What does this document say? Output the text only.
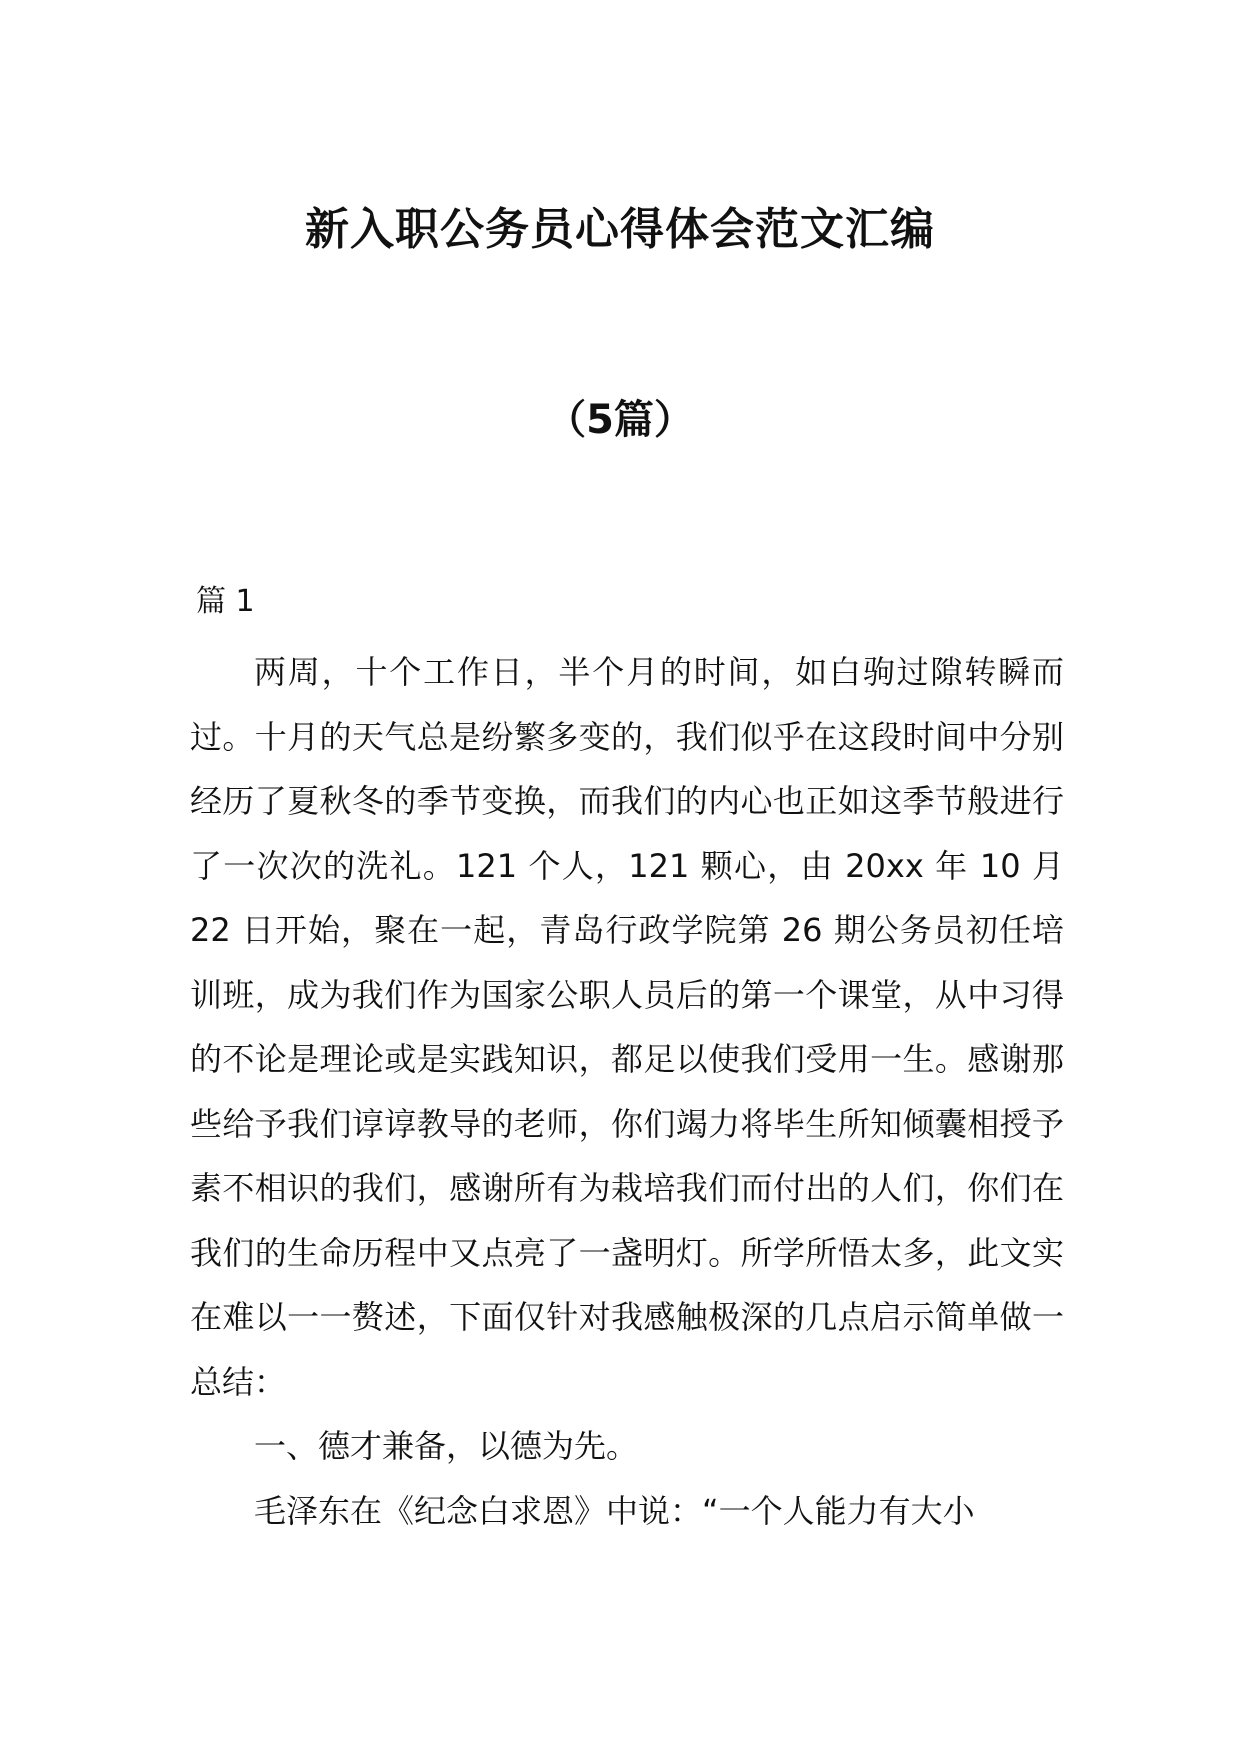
新入职公务员心得体会范文汇编
（5篇）
篇 1

两周，十个工作日，半个月的时间，如白驹过隙转瞬而过。十月的天气总是纷繁多变的，我们似乎在这段时间中分别经历了夏秋冬的季节变换，而我们的内心也正如这季节般进行了一次次的洗礼。121 个人，121 颗心，由 20xx 年 10 月 22 日开始，聚在一起，青岛行政学院第 26 期公务员初任培训班，成为我们作为国家公职人员后的第一个课堂，从中习得的不论是理论或是实践知识，都足以使我们受用一生。感谢那些给予我们谆谆教导的老师，你们竭力将毕生所知倾囊相授予素不相识的我们，感谢所有为栽培我们而付出的人们，你们在我们的生命历程中又点亮了一盏明灯。所学所悟太多，此文实在难以一一赘述，下面仅针对我感触极深的几点启示简单做一总结：

一、德才兼备，以德为先。

毛泽东在《纪念白求恩》中说：“一个人能力有大小
